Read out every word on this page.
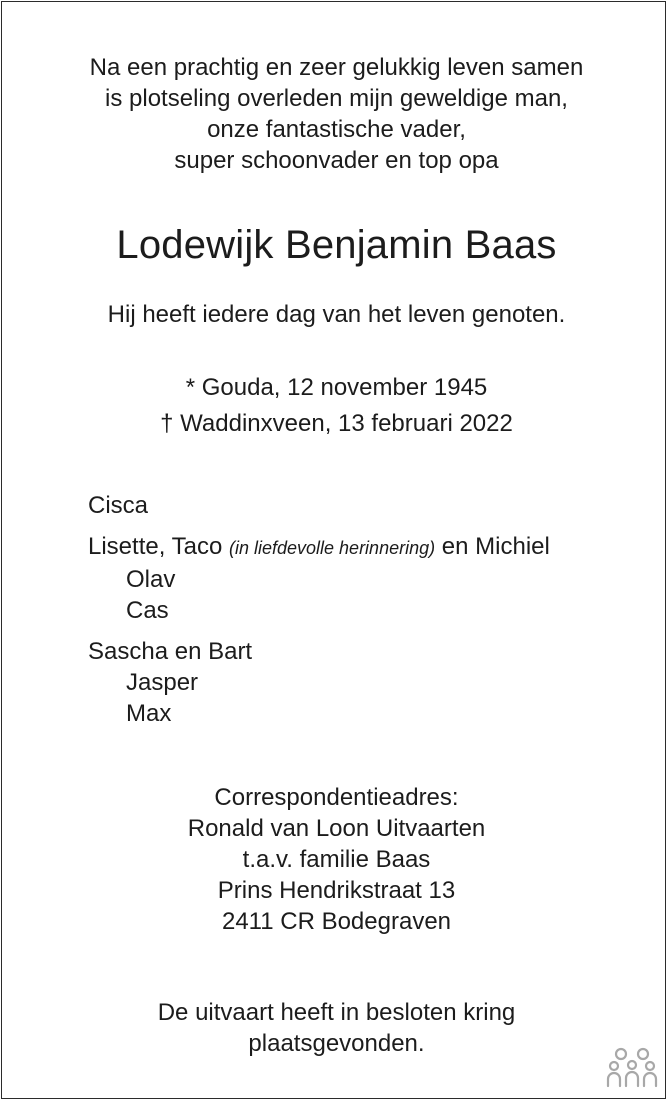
Na een prachtig en zeer gelukkig leven samen
is plotseling overleden mijn geweldige man,
onze fantastische vader,
super schoonvader en top opa
Lodewijk Benjamin Baas
Hij heeft iedere dag van het leven genoten.
* Gouda, 12 november 1945
† Waddinxveen, 13 februari 2022
Cisca
Lisette, Taco (in liefdevolle herinnering) en Michiel
Olav
Cas
Sascha en Bart
Jasper
Max
Correspondentieadres:
Ronald van Loon Uitvaarten
t.a.v. familie Baas
Prins Hendrikstraat 13
2411 CR Bodegraven
De uitvaart heeft in besloten kring
plaatsgevonden.
